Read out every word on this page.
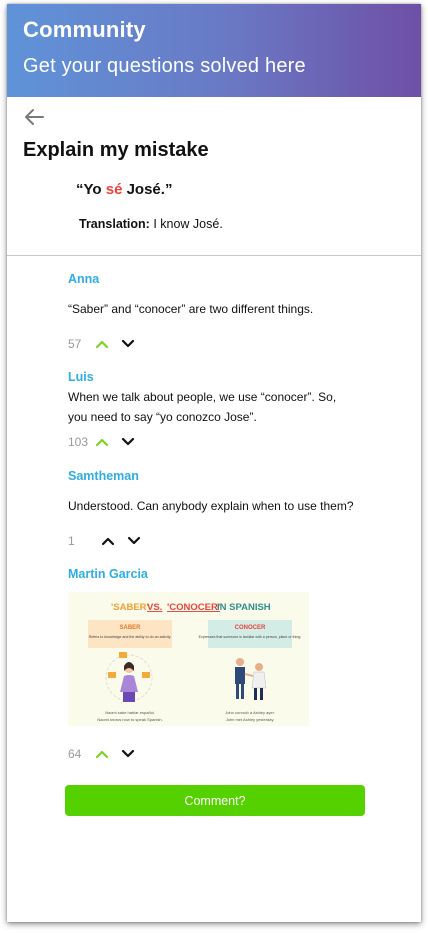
Community
Get your questions solved here
Explain my mistake
“Yo sé José.”
Translation: I know José.
Anna
“Saber” and “conocer” are two different things.
57
Luis
When we talk about people, we use “conocer”. So, you need to say “yo conozco Jose”.
103
Samtheman
Understood. Can anybody explain when to use them?
1
Martin Garcia
'SABER'
VS. 'CONOCER'
IN SPANISH
SABER
Refers to knowledge and the ability to do an activity.
CONOCER
Expresses that someone is familiar with a person, place or thing.
Naomi sabe hablar español.
Naomi knows how to speak Spanish.
John conoció a Ashley ayer.
John met Ashley yesterday.
64
Comment?
